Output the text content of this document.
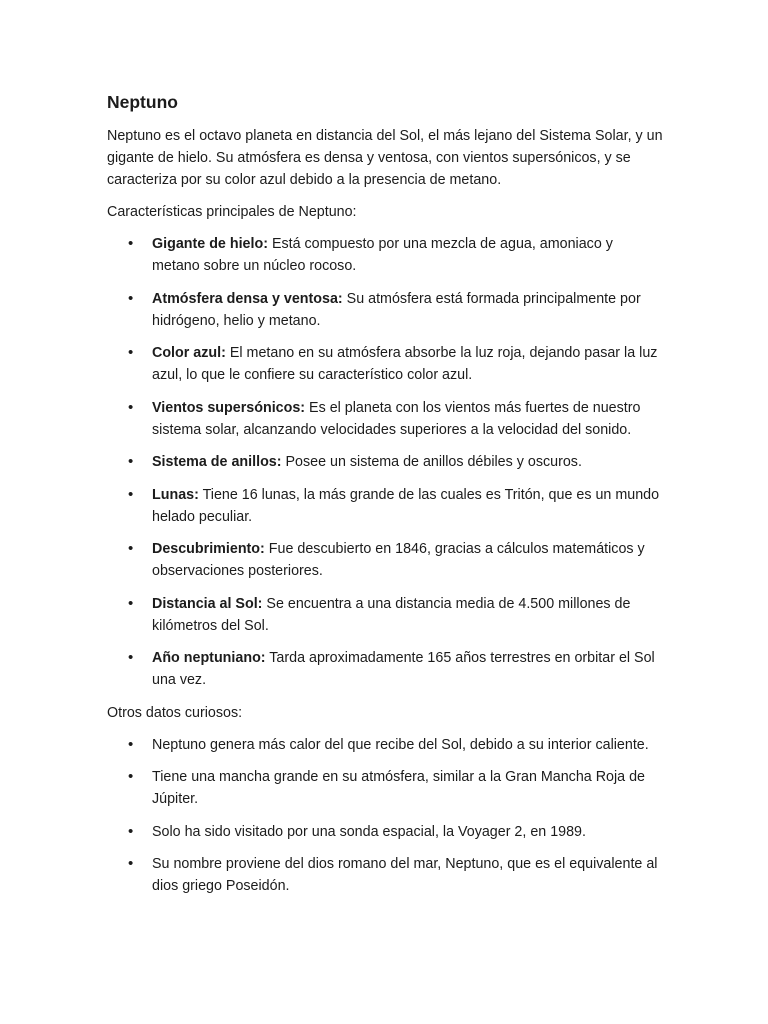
Neptuno

Neptuno es el octavo planeta en distancia del Sol, el más lejano del Sistema Solar, y un gigante de hielo. Su atmósfera es densa y ventosa, con vientos supersónicos, y se caracteriza por su color azul debido a la presencia de metano.

Características principales de Neptuno:

• Gigante de hielo: Está compuesto por una mezcla de agua, amoniaco y metano sobre un núcleo rocoso.
• Atmósfera densa y ventosa: Su atmósfera está formada principalmente por hidrógeno, helio y metano.
• Color azul: El metano en su atmósfera absorbe la luz roja, dejando pasar la luz azul, lo que le confiere su característico color azul.
• Vientos supersónicos: Es el planeta con los vientos más fuertes de nuestro sistema solar, alcanzando velocidades superiores a la velocidad del sonido.
• Sistema de anillos: Posee un sistema de anillos débiles y oscuros.
• Lunas: Tiene 16 lunas, la más grande de las cuales es Tritón, que es un mundo helado peculiar.
• Descubrimiento: Fue descubierto en 1846, gracias a cálculos matemáticos y observaciones posteriores.
• Distancia al Sol: Se encuentra a una distancia media de 4.500 millones de kilómetros del Sol.
• Año neptuniano: Tarda aproximadamente 165 años terrestres en orbitar el Sol una vez.

Otros datos curiosos:

• Neptuno genera más calor del que recibe del Sol, debido a su interior caliente.
• Tiene una mancha grande en su atmósfera, similar a la Gran Mancha Roja de Júpiter.
• Solo ha sido visitado por una sonda espacial, la Voyager 2, en 1989.
• Su nombre proviene del dios romano del mar, Neptuno, que es el equivalente al dios griego Poseidón.
